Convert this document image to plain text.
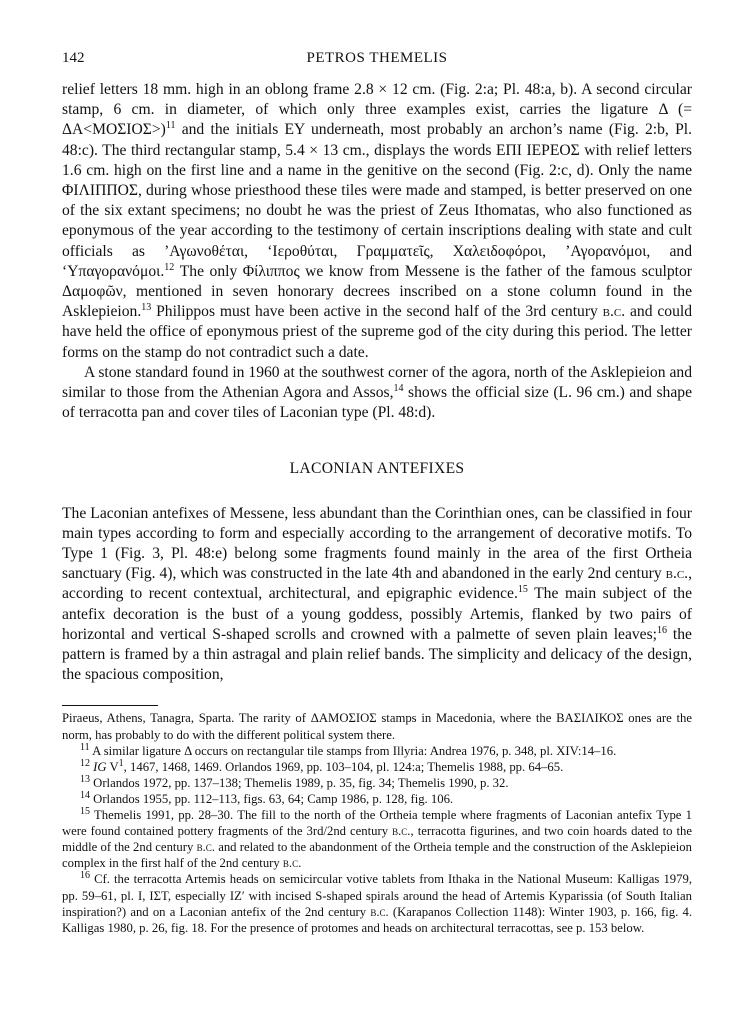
142	PETROS THEMELIS

relief letters 18 mm. high in an oblong frame 2.8 × 12 cm. (Fig. 2:a; Pl. 48:a, b). A second circular stamp, 6 cm. in diameter, of which only three examples exist, carries the ligature Δ (= ΔΑ<ΜΟΣΙΟΣ>)$^{11}$ and the initials ΕΥ underneath, most probably an archon’s name (Fig. 2:b, Pl. 48:c). The third rectangular stamp, 5.4 × 13 cm., displays the words ΕΠΙ ΙΕΡΕΟΣ with relief letters 1.6 cm. high on the first line and a name in the genitive on the second (Fig. 2:c, d). Only the name ΦΙΛΙΠΠΟΣ, during whose priesthood these tiles were made and stamped, is better preserved on one of the six extant specimens; no doubt he was the priest of Zeus Ithomatas, who also functioned as eponymous of the year according to the testimony of certain inscriptions dealing with state and cult officials as ’Αγωνοθέται, ‘Ιεροθύται, Γραμματεῖς, Χαλειδοφόροι, ’Αγορανόμοι, and ‘Υπαγορανόμοι.$^{12}$ The only Φίλιππος we know from Messene is the father of the famous sculptor Δαμοφῶν, mentioned in seven honorary decrees inscribed on a stone column found in the Asklepieion.$^{13}$ Philippos must have been active in the second half of the 3rd century b.c. and could have held the office of eponymous priest of the supreme god of the city during this period. The letter forms on the stamp do not contradict such a date.

A stone standard found in 1960 at the southwest corner of the agora, north of the Asklepieion and similar to those from the Athenian Agora and Assos,$^{14}$ shows the official size (L. 96 cm.) and shape of terracotta pan and cover tiles of Laconian type (Pl. 48:d).

LACONIAN ANTEFIXES

The Laconian antefixes of Messene, less abundant than the Corinthian ones, can be classified in four main types according to form and especially according to the arrangement of decorative motifs. To Type 1 (Fig. 3, Pl. 48:e) belong some fragments found mainly in the area of the first Ortheia sanctuary (Fig. 4), which was constructed in the late 4th and abandoned in the early 2nd century b.c., according to recent contextual, architectural, and epigraphic evidence.$^{15}$ The main subject of the antefix decoration is the bust of a young goddess, possibly Artemis, flanked by two pairs of horizontal and vertical S-shaped scrolls and crowned with a palmette of seven plain leaves;$^{16}$ the pattern is framed by a thin astragal and plain relief bands. The simplicity and delicacy of the design, the spacious composition,

Piraeus, Athens, Tanagra, Sparta. The rarity of ΔΑΜΟΣΙΟΣ stamps in Macedonia, where the ΒΑΣΙΛΙΚΟΣ ones are the norm, has probably to do with the different political system there.

$^{11}$ A similar ligature Δ occurs on rectangular tile stamps from Illyria: Andrea 1976, p. 348, pl. XIV:14–16.

$^{12}$ IG $V^1$, 1467, 1468, 1469. Orlandos 1969, pp. 103–104, pl. 124:a; Themelis 1988, pp. 64–65.

$^{13}$ Orlandos 1972, pp. 137–138; Themelis 1989, p. 35, fig. 34; Themelis 1990, p. 32.

$^{14}$ Orlandos 1955, pp. 112–113, figs. 63, 64; Camp 1986, p. 128, fig. 106.

$^{15}$ Themelis 1991, pp. 28–30. The fill to the north of the Ortheia temple where fragments of Laconian antefix Type 1 were found contained pottery fragments of the 3rd/2nd century b.c., terracotta figurines, and two coin hoards dated to the middle of the 2nd century b.c. and related to the abandonment of the Ortheia temple and the construction of the Asklepieion complex in the first half of the 2nd century b.c.

$^{16}$ Cf. the terracotta Artemis heads on semicircular votive tablets from Ithaka in the National Museum: Kalligas 1979, pp. 59–61, pl. I, ΙΣΤ, especially ΙΖ′ with incised S-shaped spirals around the head of Artemis Kyparissia (of South Italian inspiration?) and on a Laconian antefix of the 2nd century b.c. (Karapanos Collection 1148): Winter 1903, p. 166, fig. 4. Kalligas 1980, p. 26, fig. 18. For the presence of protomes and heads on architectural terracottas, see p. 153 below.
